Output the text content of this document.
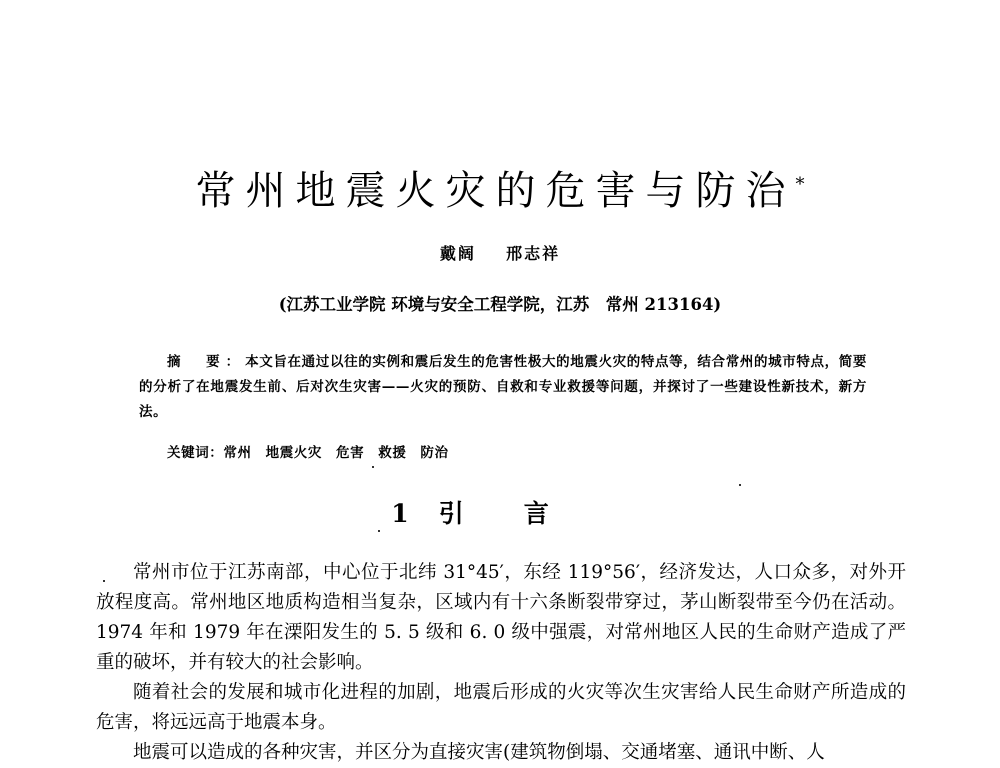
常州地震火灾的危害与防治*
戴阔 邢志祥
(江苏工业学院 环境与安全工程学院，江苏　常州 213164)
摘　要：本文旨在通过以往的实例和震后发生的危害性极大的地震火灾的特点等，结合常州的城市特点，简要的分析了在地震发生前、后对次生灾害——火灾的预防、自救和专业救援等问题，并探讨了一些建设性新技术，新方法。
关键词：常州 地震火灾 危害 救援 防治
1 引言

常州市位于江苏南部，中心位于北纬 31°45′，东经 119°56′，经济发达，人口众多，对外开放程度高。常州地区地质构造相当复杂，区域内有十六条断裂带穿过，茅山断裂带至今仍在活动。1974 年和 1979 年在溧阳发生的 5. 5 级和 6. 0 级中强震，对常州地区人民的生命财产造成了严重的破坏，并有较大的社会影响。

随着社会的发展和城市化进程的加剧，地震后形成的火灾等次生灾害给人民生命财产所造成的危害，将远远高于地震本身。

地震可以造成的各种灾害，并区分为直接灾害(建筑物倒塌、交通堵塞、通讯中断、人
